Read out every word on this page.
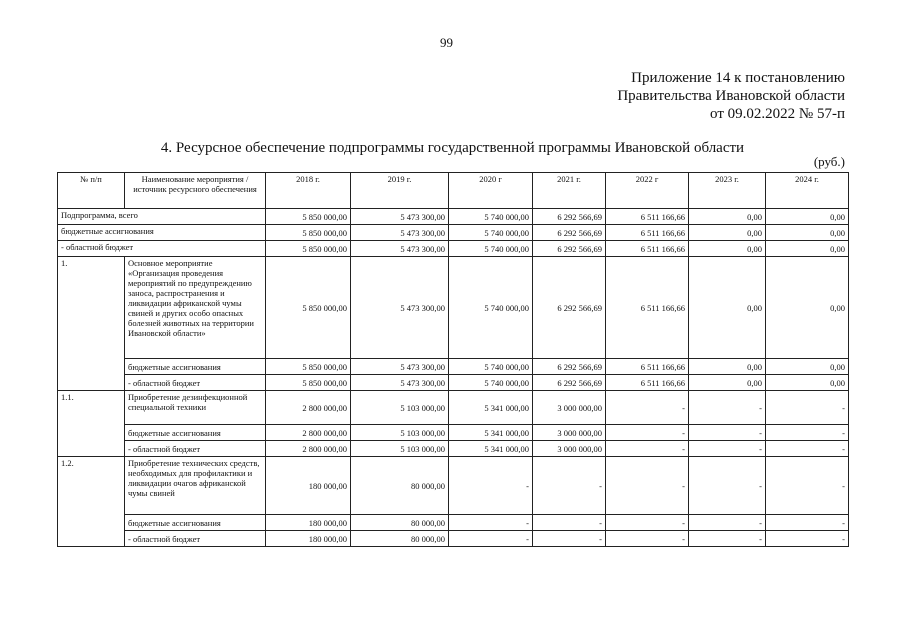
99
Приложение 14 к постановлению
Правительства Ивановской области
от 09.02.2022 № 57-п
4. Ресурсное обеспечение подпрограммы государственной программы Ивановской области
(руб.)
№ п/п	Наименование мероприятия / источник ресурсного обеспечения	2018 г.	2019 г.	2020 г	2021 г.	2022 г	2023 г.	2024 г.
Подпрограмма, всего		5 850 000,00	5 473 300,00	5 740 000,00	6 292 566,69	6 511 166,66	0,00	0,00
бюджетные ассигнования		5 850 000,00	5 473 300,00	5 740 000,00	6 292 566,69	6 511 166,66	0,00	0,00
- областной бюджет		5 850 000,00	5 473 300,00	5 740 000,00	6 292 566,69	6 511 166,66	0,00	0,00
1.	Основное мероприятие «Организация проведения мероприятий по предупреждению заноса, распространения и ликвидации африканской чумы свиней и других особо опасных болезней животных на территории Ивановской области»	5 850 000,00	5 473 300,00	5 740 000,00	6 292 566,69	6 511 166,66	0,00	0,00
	бюджетные ассигнования	5 850 000,00	5 473 300,00	5 740 000,00	6 292 566,69	6 511 166,66	0,00	0,00
	- областной бюджет	5 850 000,00	5 473 300,00	5 740 000,00	6 292 566,69	6 511 166,66	0,00	0,00
1.1.	Приобретение дезинфекционной специальной техники	2 800 000,00	5 103 000,00	5 341 000,00	3 000 000,00	-	-	-
	бюджетные ассигнования	2 800 000,00	5 103 000,00	5 341 000,00	3 000 000,00	-	-	-
	- областной бюджет	2 800 000,00	5 103 000,00	5 341 000,00	3 000 000,00	-	-	-
1.2.	Приобретение технических средств, необходимых для профилактики и ликвидации очагов африканской чумы свиней	180 000,00	80 000,00	-	-	-	-	-
	бюджетные ассигнования	180 000,00	80 000,00	-	-	-	-	-
	- областной бюджет	180 000,00	80 000,00	-	-	-	-	-
